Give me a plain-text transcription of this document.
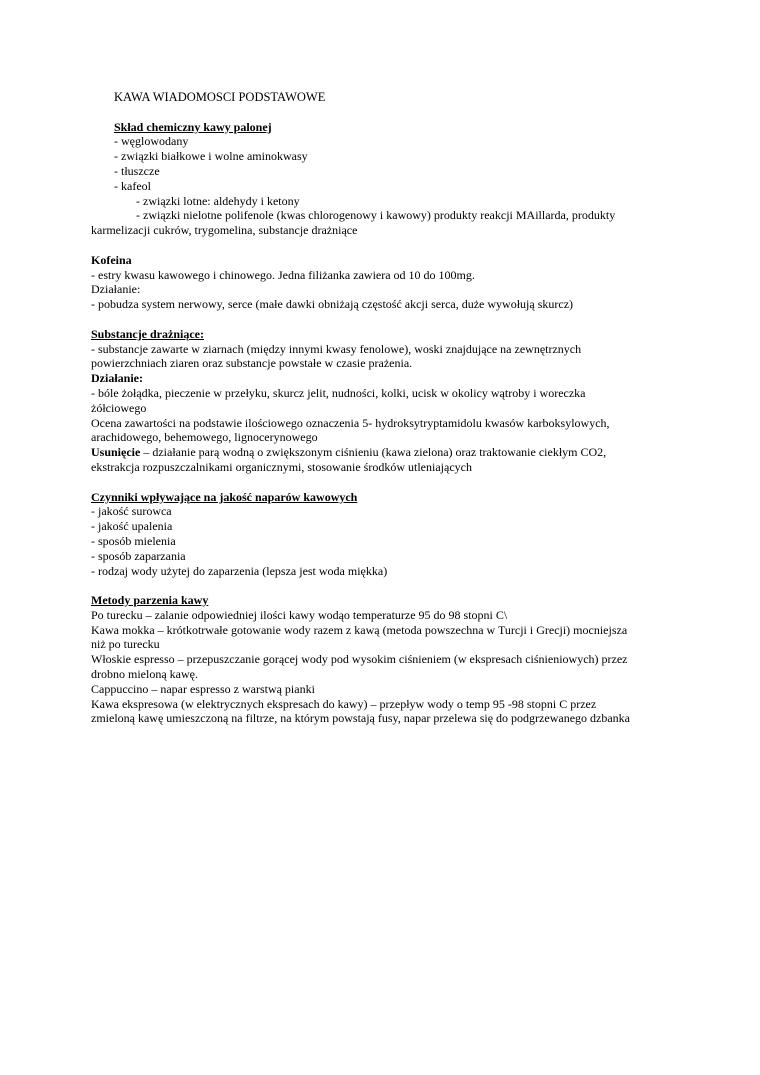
KAWA WIADOMOSCI PODSTAWOWE
Skład chemiczny kawy palonej
- węglowodany
- związki białkowe i wolne aminokwasy
- tłuszcze
- kafeol
- związki lotne: aldehydy i ketony
- związki nielotne polifenole (kwas chlorogenowy i kawowy) produkty reakcji MAillarda, produkty
karmelizacji cukrów, trygomelina, substancje drażniące
Kofeina
- estry kwasu kawowego i chinowego. Jedna filiżanka zawiera od 10 do 100mg.
Działanie:
- pobudza system nerwowy, serce (małe dawki obniżają częstość akcji serca, duże wywołują skurcz)
Substancje drażniące:
- substancje zawarte w ziarnach (między innymi kwasy fenolowe), woski znajdujące na zewnętrznych
powierzchniach ziaren oraz substancje powstałe w czasie prażenia.
Działanie:
- bóle żołądka, pieczenie w przełyku, skurcz jelit, nudności, kolki, ucisk w okolicy wątroby i woreczka
żółciowego
Ocena zawartości na podstawie ilościowego oznaczenia 5- hydroksytryptamidolu kwasów karboksylowych,
arachidowego, behemowego, lignocerynowego
Usunięcie – działanie parą wodną o zwiększonym ciśnieniu (kawa zielona) oraz traktowanie ciekłym CO2,
ekstrakcja rozpuszczalnikami organicznymi, stosowanie środków utleniających
Czynniki wpływające na jakość naparów kawowych
- jakość surowca
- jakość upalenia
- sposób mielenia
- sposób zaparzania
- rodzaj wody użytej do zaparzenia (lepsza jest woda miękka)
Metody parzenia kawy
Po turecku – zalanie odpowiedniej ilości kawy wodąo temperaturze 95 do 98 stopni C\
Kawa mokka – krótkotrwałe gotowanie wody razem z kawą (metoda powszechna w Turcji i Grecji) mocniejsza
niż po turecku
Włoskie espresso – przepuszczanie gorącej wody pod wysokim ciśnieniem (w ekspresach ciśnieniowych) przez
drobno mieloną kawę.
Cappuccino – napar espresso z warstwą pianki
Kawa ekspresowa (w elektrycznych ekspresach do kawy) – przepływ wody o temp 95 -98 stopni C przez
zmieloną kawę umieszczoną na filtrze, na którym powstają fusy, napar przelewa się do podgrzewanego dzbanka
